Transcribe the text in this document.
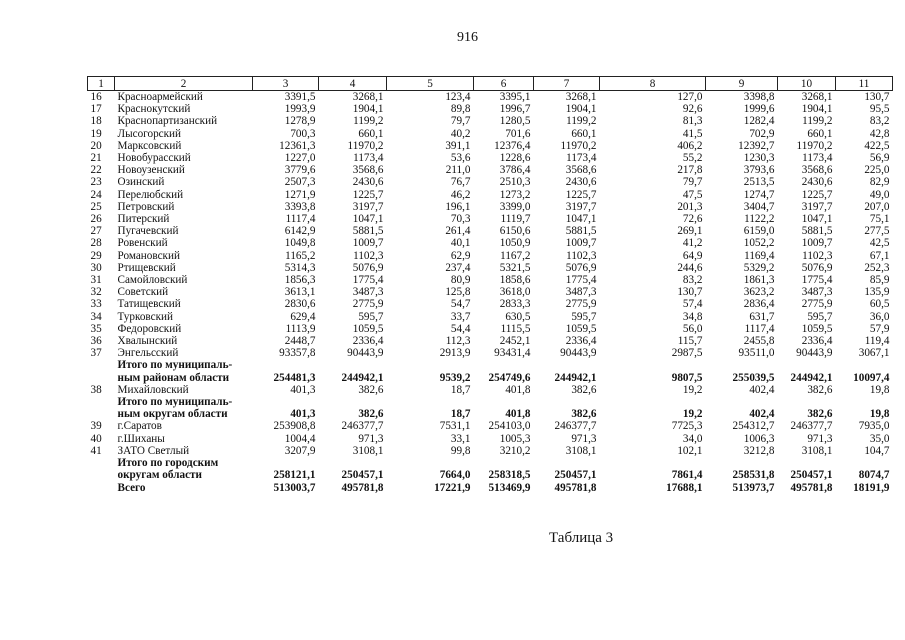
916
1	2	3	4	5	6	7	8	9	10	11
16	Красноармейский	3391,5	3268,1	123,4	3395,1	3268,1	127,0	3398,8	3268,1	130,7
17	Краснокутский	1993,9	1904,1	89,8	1996,7	1904,1	92,6	1999,6	1904,1	95,5
18	Краснопартизанский	1278,9	1199,2	79,7	1280,5	1199,2	81,3	1282,4	1199,2	83,2
19	Лысогорский	700,3	660,1	40,2	701,6	660,1	41,5	702,9	660,1	42,8
20	Марксовский	12361,3	11970,2	391,1	12376,4	11970,2	406,2	12392,7	11970,2	422,5
21	Новобурасский	1227,0	1173,4	53,6	1228,6	1173,4	55,2	1230,3	1173,4	56,9
22	Новоузенский	3779,6	3568,6	211,0	3786,4	3568,6	217,8	3793,6	3568,6	225,0
23	Озинский	2507,3	2430,6	76,7	2510,3	2430,6	79,7	2513,5	2430,6	82,9
24	Перелюбский	1271,9	1225,7	46,2	1273,2	1225,7	47,5	1274,7	1225,7	49,0
25	Петровский	3393,8	3197,7	196,1	3399,0	3197,7	201,3	3404,7	3197,7	207,0
26	Питерский	1117,4	1047,1	70,3	1119,7	1047,1	72,6	1122,2	1047,1	75,1
27	Пугачевский	6142,9	5881,5	261,4	6150,6	5881,5	269,1	6159,0	5881,5	277,5
28	Ровенский	1049,8	1009,7	40,1	1050,9	1009,7	41,2	1052,2	1009,7	42,5
29	Романовский	1165,2	1102,3	62,9	1167,2	1102,3	64,9	1169,4	1102,3	67,1
30	Ртищевский	5314,3	5076,9	237,4	5321,5	5076,9	244,6	5329,2	5076,9	252,3
31	Самойловский	1856,3	1775,4	80,9	1858,6	1775,4	83,2	1861,3	1775,4	85,9
32	Советский	3613,1	3487,3	125,8	3618,0	3487,3	130,7	3623,2	3487,3	135,9
33	Татищевский	2830,6	2775,9	54,7	2833,3	2775,9	57,4	2836,4	2775,9	60,5
34	Турковский	629,4	595,7	33,7	630,5	595,7	34,8	631,7	595,7	36,0
35	Федоровский	1113,9	1059,5	54,4	1115,5	1059,5	56,0	1117,4	1059,5	57,9
36	Хвалынский	2448,7	2336,4	112,3	2452,1	2336,4	115,7	2455,8	2336,4	119,4
37	Энгельсский	93357,8	90443,9	2913,9	93431,4	90443,9	2987,5	93511,0	90443,9	3067,1
	Итого по муниципаль-									
	ным районам области	254481,3	244942,1	9539,2	254749,6	244942,1	9807,5	255039,5	244942,1	10097,4
38	Михайловский	401,3	382,6	18,7	401,8	382,6	19,2	402,4	382,6	19,8
	Итого по муниципаль-									
	ным округам области	401,3	382,6	18,7	401,8	382,6	19,2	402,4	382,6	19,8
39	г.Саратов	253908,8	246377,7	7531,1	254103,0	246377,7	7725,3	254312,7	246377,7	7935,0
40	г.Шиханы	1004,4	971,3	33,1	1005,3	971,3	34,0	1006,3	971,3	35,0
41	ЗАТО Светлый	3207,9	3108,1	99,8	3210,2	3108,1	102,1	3212,8	3108,1	104,7
	Итого по городским									
	округам области	258121,1	250457,1	7664,0	258318,5	250457,1	7861,4	258531,8	250457,1	8074,7
	Всего	513003,7	495781,8	17221,9	513469,9	495781,8	17688,1	513973,7	495781,8	18191,9
Таблица 3
